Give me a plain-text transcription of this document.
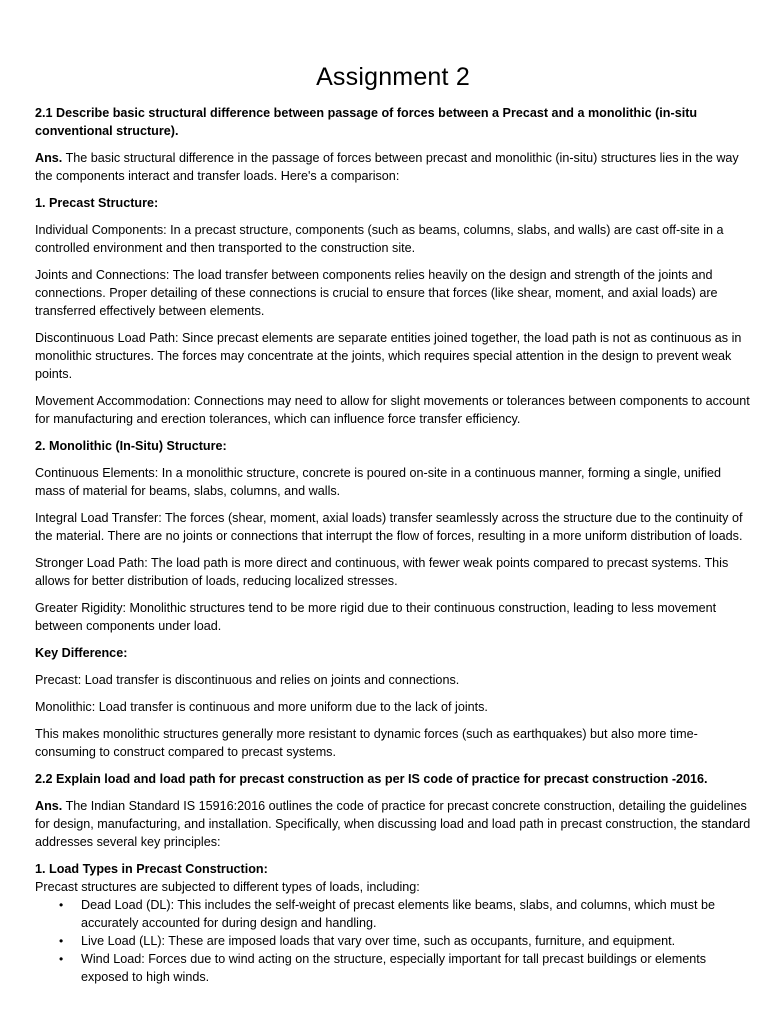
Assignment 2

2.1 Describe basic structural difference between passage of forces between a Precast and a monolithic (in-situ conventional structure).

Ans. The basic structural difference in the passage of forces between precast and monolithic (in-situ) structures lies in the way the components interact and transfer loads. Here's a comparison:

1. Precast Structure:

Individual Components: In a precast structure, components (such as beams, columns, slabs, and walls) are cast off-site in a controlled environment and then transported to the construction site.

Joints and Connections: The load transfer between components relies heavily on the design and strength of the joints and connections. Proper detailing of these connections is crucial to ensure that forces (like shear, moment, and axial loads) are transferred effectively between elements.

Discontinuous Load Path: Since precast elements are separate entities joined together, the load path is not as continuous as in monolithic structures. The forces may concentrate at the joints, which requires special attention in the design to prevent weak points.

Movement Accommodation: Connections may need to allow for slight movements or tolerances between components to account for manufacturing and erection tolerances, which can influence force transfer efficiency.

2. Monolithic (In-Situ) Structure:

Continuous Elements: In a monolithic structure, concrete is poured on-site in a continuous manner, forming a single, unified mass of material for beams, slabs, columns, and walls.

Integral Load Transfer: The forces (shear, moment, axial loads) transfer seamlessly across the structure due to the continuity of the material. There are no joints or connections that interrupt the flow of forces, resulting in a more uniform distribution of loads.

Stronger Load Path: The load path is more direct and continuous, with fewer weak points compared to precast systems. This allows for better distribution of loads, reducing localized stresses.

Greater Rigidity: Monolithic structures tend to be more rigid due to their continuous construction, leading to less movement between components under load.

Key Difference:

Precast: Load transfer is discontinuous and relies on joints and connections.

Monolithic: Load transfer is continuous and more uniform due to the lack of joints.

This makes monolithic structures generally more resistant to dynamic forces (such as earthquakes) but also more time-consuming to construct compared to precast systems.

2.2 Explain load and load path for precast construction as per IS code of practice for precast construction -2016.

Ans. The Indian Standard IS 15916:2016 outlines the code of practice for precast concrete construction, detailing the guidelines for design, manufacturing, and installation. Specifically, when discussing load and load path in precast construction, the standard addresses several key principles:

1. Load Types in Precast Construction:

Precast structures are subjected to different types of loads, including:

• Dead Load (DL): This includes the self-weight of precast elements like beams, slabs, and columns, which must be accurately accounted for during design and handling.
• Live Load (LL): These are imposed loads that vary over time, such as occupants, furniture, and equipment.
• Wind Load: Forces due to wind acting on the structure, especially important for tall precast buildings or elements exposed to high winds.
